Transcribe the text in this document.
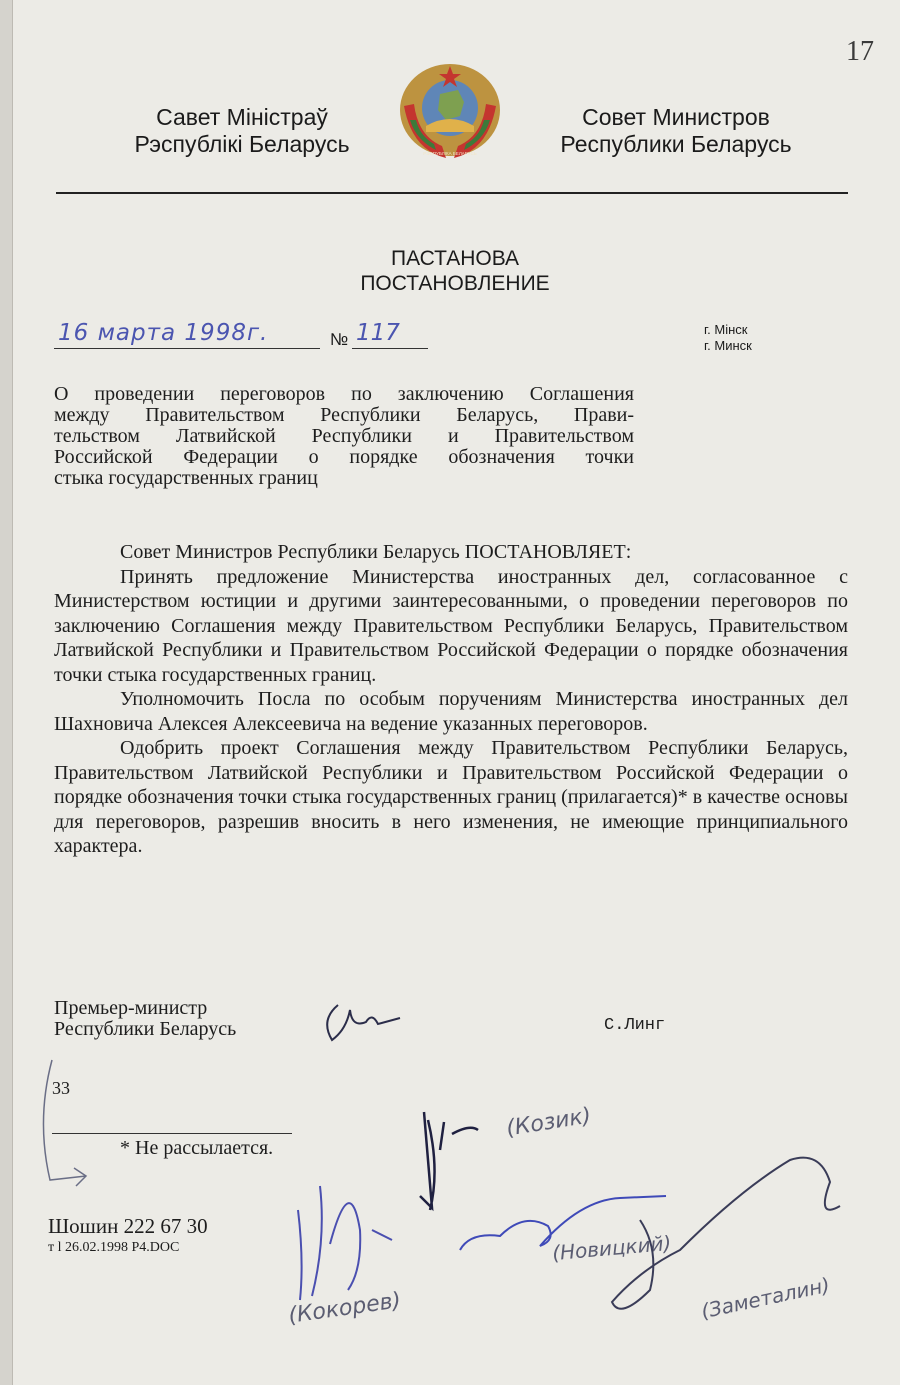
17
Савет Міністраў
Рэспублікі Беларусь	РЭСПУБЛІКА БЕЛАРУСЬ
Совет Министров
Республики Беларусь
ПАСТАНОВА
ПОСТАНОВЛЕНИЕ
16 марта 1998г.	№ 117	г. Мінск
г. Минск
О проведении переговоров по заключению Соглашения
между Правительством Республики Беларусь, Прави-
тельством Латвийской Республики и Правительством
Российской Федерации о порядке обозначения точки
стыка государственных границ

Совет Министров Республики Беларусь ПОСТАНОВЛЯЕТ:

Принять предложение Министерства иностранных дел, согласованное с Министерством юстиции и другими заинтересованными, о проведении переговоров по заключению Соглашения между Правительством Республики Беларусь, Правительством Латвийской Республики и Правительством Российской Федерации о порядке обозначения точки стыка государственных границ.

Уполномочить Посла по особым поручениям Министерства иностранных дел Шахновича Алексея Алексеевича на ведение указанных переговоров.

Одобрить проект Соглашения между Правительством Республики Беларусь, Правительством Латвийской Республики и Правительством Российской Федерации о порядке обозначения точки стыка государственных границ (прилагается)* в качестве основы для переговоров, разрешив вносить в него изменения, не имеющие принципиального характера.

Премьер-министр
Республики Беларусь	С.Линг
33
* Не рассылается.
Шошин 222 67 30
т l 26.02.1998 P4.DOC
(Козик)
(Новицкий)
(Кокорев)	(Заметалин)
